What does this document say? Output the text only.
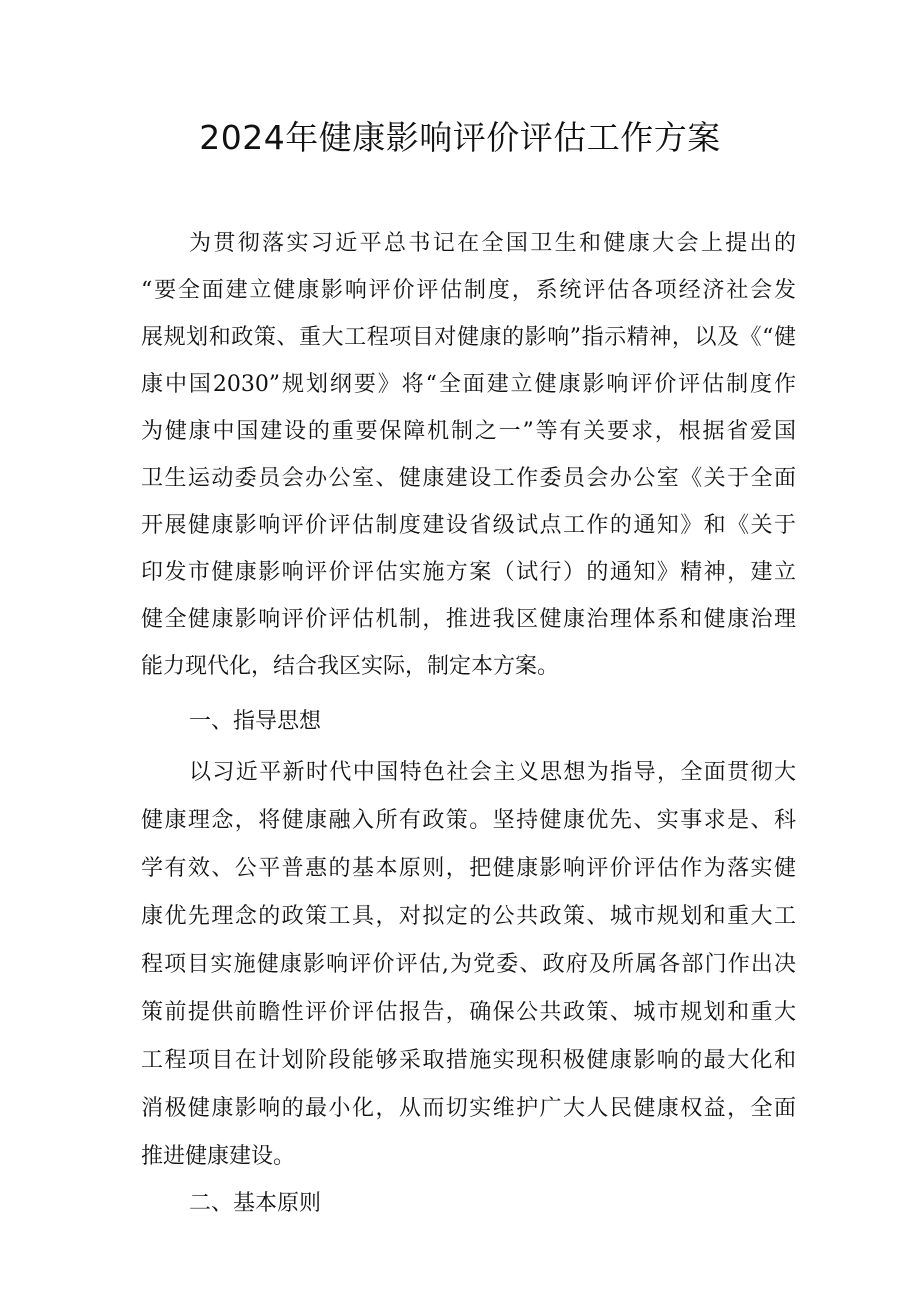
2024年健康影响评价评估工作方案
为贯彻落实习近平总书记在全国卫生和健康大会上提出的
“要全面建立健康影响评价评估制度，系统评估各项经济社会发
展规划和政策、重大工程项目对健康的影响”指示精神，以及《“健
康中国2030”规划纲要》将“全面建立健康影响评价评估制度作
为健康中国建设的重要保障机制之一”等有关要求，根据省爱国
卫生运动委员会办公室、健康建设工作委员会办公室《关于全面
开展健康影响评价评估制度建设省级试点工作的通知》和《关于
印发市健康影响评价评估实施方案（试行）的通知》精神，建立
健全健康影响评价评估机制，推进我区健康治理体系和健康治理
能力现代化，结合我区实际，制定本方案。
一、指导思想
以习近平新时代中国特色社会主义思想为指导，全面贯彻大
健康理念，将健康融入所有政策。坚持健康优先、实事求是、科
学有效、公平普惠的基本原则，把健康影响评价评估作为落实健
康优先理念的政策工具，对拟定的公共政策、城市规划和重大工
程项目实施健康影响评价评估,为党委、政府及所属各部门作出决
策前提供前瞻性评价评估报告，确保公共政策、城市规划和重大
工程项目在计划阶段能够采取措施实现积极健康影响的最大化和
消极健康影响的最小化，从而切实维护广大人民健康权益，全面
推进健康建设。
二、基本原则
